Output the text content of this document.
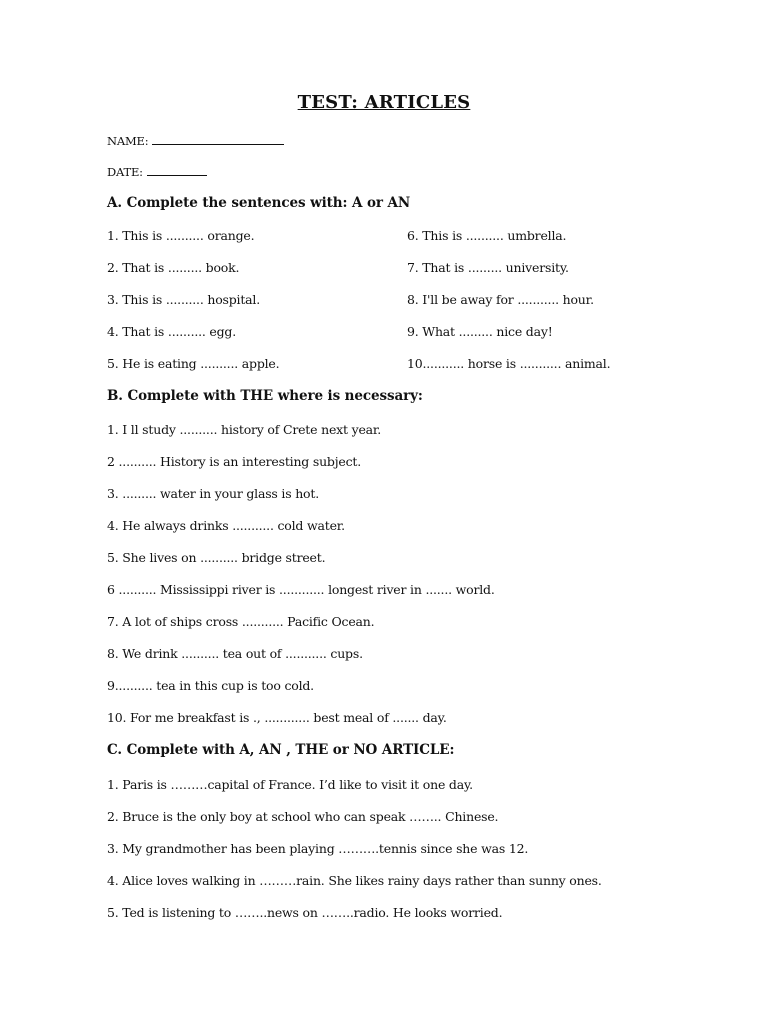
TEST: ARTICLES
NAME:
DATE:
A. Complete the sentences with: A or AN
1. This is .......... orange.
2. That is ......... book.
3. This is .......... hospital.
4. That is .......... egg.
5. He is eating .......... apple.
6. This is .......... umbrella.
7. That is ......... university.
8. I'll be away for ........... hour.
9. What ......... nice day!
10........... horse is ........... animal.
B. Complete with THE where is necessary:
1. I ll study .......... history of Crete next year.
2 .......... History is an interesting subject.
3. ......... water in your glass is hot.
4. He always drinks ........... cold water.
5. She lives on .......... bridge street.
6 .......... Mississippi river is ............ longest river in ....... world.
7. A lot of ships cross ........... Pacific Ocean.
8. We drink .......... tea out of ........... cups.
9.......... tea in this cup is too cold.
10. For me breakfast is ., ............ best meal of ....... day.
C. Complete with A, AN , THE or NO ARTICLE:
1. Paris is ………capital of France. I’d like to visit it one day.
2. Bruce is the only boy at school who can speak …….. Chinese.
3. My grandmother has been playing ……….tennis since she was 12.
4. Alice loves walking in ………rain. She likes rainy days rather than sunny ones.
5. Ted is listening to ……..news on ……..radio. He looks worried.
